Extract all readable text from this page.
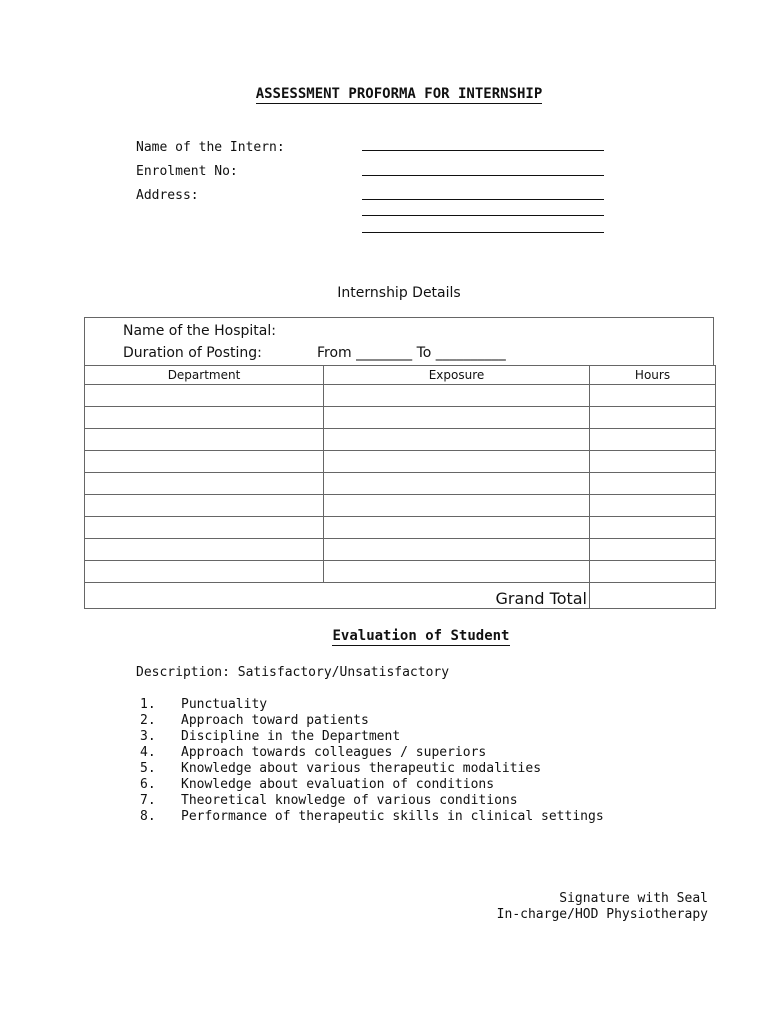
ASSESSMENT PROFORMA FOR INTERNSHIP
Name of the Intern:
Enrolment No:
Address:
Internship Details
Name of the Hospital:
Duration of Posting:	From ________ To __________
Department	Exposure	Hours

Grand Total		
Evaluation of Student
Description: Satisfactory/Unsatisfactory
1. Punctuality
2. Approach toward patients
3. Discipline in the Department
4. Approach towards colleagues / superiors
5. Knowledge about various therapeutic modalities
6. Knowledge about evaluation of conditions
7. Theoretical knowledge of various conditions
8. Performance of therapeutic skills in clinical settings
Signature with Seal
In-charge/HOD Physiotherapy
